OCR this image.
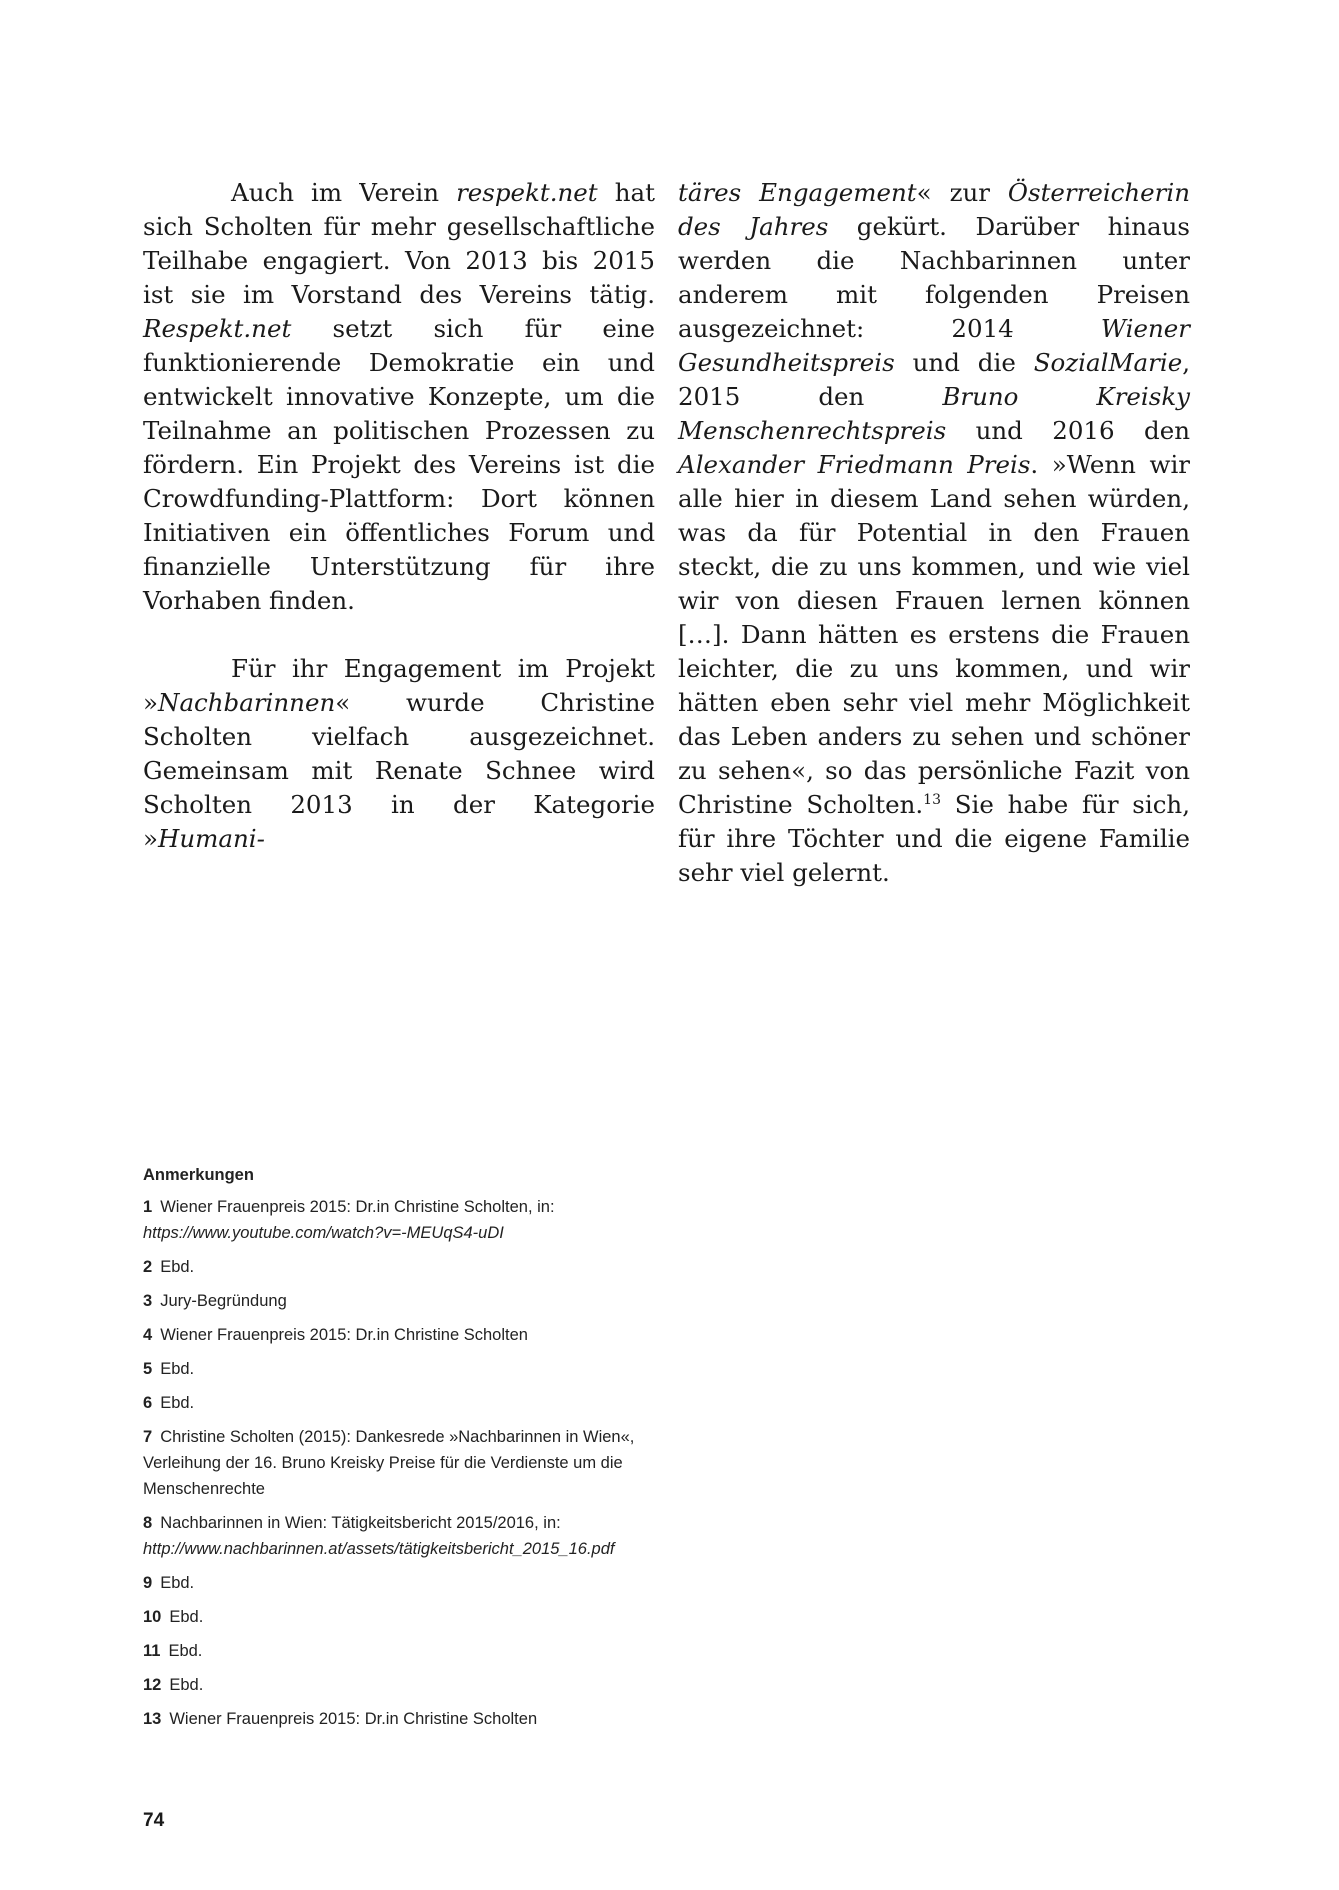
Auch im Verein respekt.net hat sich Scholten für mehr gesellschaftliche Teilhabe engagiert. Von 2013 bis 2015 ist sie im Vorstand des Vereins tätig. Respekt.net setzt sich für eine funktionierende Demokratie ein und entwickelt innovative Konzepte, um die Teilnahme an politischen Prozessen zu fördern. Ein Projekt des Vereins ist die Crowdfunding-Plattform: Dort können Initiativen ein öffentliches Forum und finanzielle Unterstützung für ihre Vorhaben finden.

Für ihr Engagement im Projekt »Nachbarinnen« wurde Christine Scholten vielfach ausgezeichnet. Gemeinsam mit Renate Schnee wird Scholten 2013 in der Kategorie »Humani-

täres Engagement« zur Österreicherin des Jahres gekürt. Darüber hinaus werden die Nachbarinnen unter anderem mit folgenden Preisen ausgezeichnet: 2014 Wiener Gesundheitspreis und die SozialMarie, 2015 den Bruno Kreisky Menschenrechtspreis und 2016 den Alexander Friedmann Preis. »Wenn wir alle hier in diesem Land sehen würden, was da für Potential in den Frauen steckt, die zu uns kommen, und wie viel wir von diesen Frauen lernen können […]. Dann hätten es erstens die Frauen leichter, die zu uns kommen, und wir hätten eben sehr viel mehr Möglichkeit das Leben anders zu sehen und schöner zu sehen«, so das persönliche Fazit von Christine Scholten.$^{13}$ Sie habe für sich, für ihre Töchter und die eigene Familie sehr viel gelernt.

Anmerkungen
1 Wiener Frauenpreis 2015: Dr.in Christine Scholten, in: https://www.youtube.com/watch?v=-MEUqS4-uDI
2 Ebd.
3 Jury-Begründung
4 Wiener Frauenpreis 2015: Dr.in Christine Scholten
5 Ebd.
6 Ebd.
7 Christine Scholten (2015): Dankesrede »Nachbarinnen in Wien«, Verleihung der 16. Bruno Kreisky Preise für die Verdienste um die Menschenrechte
8 Nachbarinnen in Wien: Tätigkeitsbericht 2015/2016, in: http://www.nachbarinnen.at/assets/tätigkeitsbericht_2015_16.pdf
9 Ebd.
10 Ebd.
11 Ebd.
12 Ebd.
13 Wiener Frauenpreis 2015: Dr.in Christine Scholten
74
